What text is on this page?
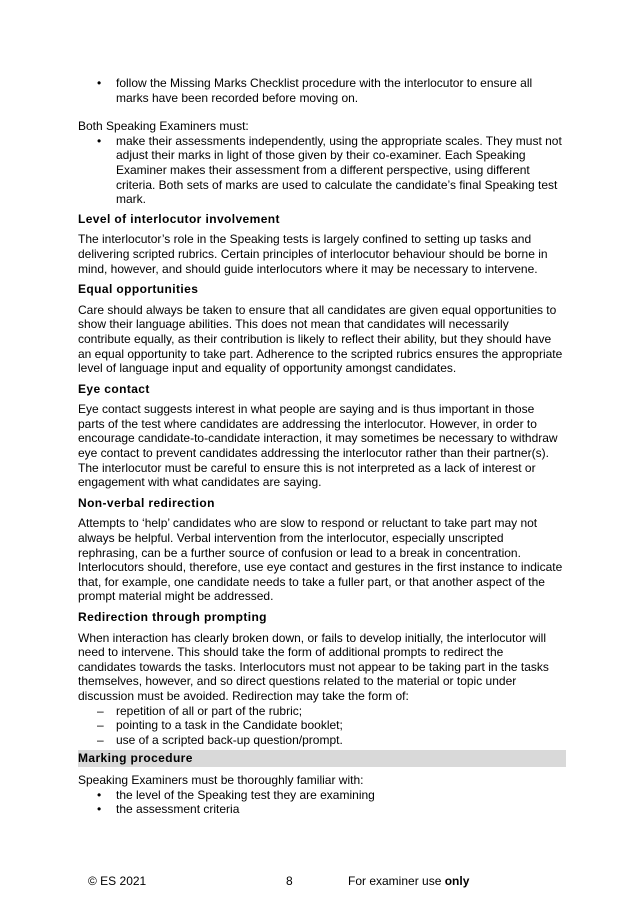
• follow the Missing Marks Checklist procedure with the interlocutor to ensure all marks have been recorded before moving on.

Both Speaking Examiners must:

• make their assessments independently, using the appropriate scales. They must not adjust their marks in light of those given by their co-examiner. Each Speaking Examiner makes their assessment from a different perspective, using different criteria. Both sets of marks are used to calculate the candidate’s final Speaking test mark.

Level of interlocutor involvement

The interlocutor’s role in the Speaking tests is largely confined to setting up tasks and delivering scripted rubrics. Certain principles of interlocutor behaviour should be borne in mind, however, and should guide interlocutors where it may be necessary to intervene.

Equal opportunities

Care should always be taken to ensure that all candidates are given equal opportunities to show their language abilities. This does not mean that candidates will necessarily contribute equally, as their contribution is likely to reflect their ability, but they should have an equal opportunity to take part. Adherence to the scripted rubrics ensures the appropriate level of language input and equality of opportunity amongst candidates.

Eye contact

Eye contact suggests interest in what people are saying and is thus important in those parts of the test where candidates are addressing the interlocutor. However, in order to encourage candidate-to-candidate interaction, it may sometimes be necessary to withdraw eye contact to prevent candidates addressing the interlocutor rather than their partner(s). The interlocutor must be careful to ensure this is not interpreted as a lack of interest or engagement with what candidates are saying.

Non-verbal redirection

Attempts to ‘help’ candidates who are slow to respond or reluctant to take part may not always be helpful. Verbal intervention from the interlocutor, especially unscripted rephrasing, can be a further source of confusion or lead to a break in concentration. Interlocutors should, therefore, use eye contact and gestures in the first instance to indicate that, for example, one candidate needs to take a fuller part, or that another aspect of the prompt material might be addressed.

Redirection through prompting

When interaction has clearly broken down, or fails to develop initially, the interlocutor will need to intervene. This should take the form of additional prompts to redirect the candidates towards the tasks. Interlocutors must not appear to be taking part in the tasks themselves, however, and so direct questions related to the material or topic under discussion must be avoided. Redirection may take the form of:

– repetition of all or part of the rubric;
– pointing to a task in the Candidate booklet;
– use of a scripted back-up question/prompt.

Marking procedure

Speaking Examiners must be thoroughly familiar with:

• the level of the Speaking test they are examining
• the assessment criteria
© ES 2021	8	For examiner use only
